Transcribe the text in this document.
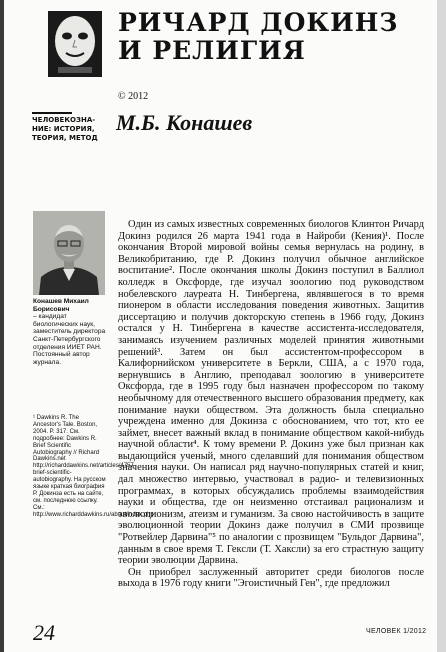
РИЧАРД ДОКИНЗ
И РЕЛИГИЯ
© 2012
М.Б. Конашев
ЧЕЛОВЕКОЗНА-НИЕ: ИСТОРИЯ, ТЕОРИЯ, МЕТОД
Конашев Михаил Борисович
– кандидат биологических наук, заместитель директора Санкт-Петербургского отделения ИИЕТ РАН. Постоянный автор журнала.

¹ Dawkins R. The Ancestor's Tale. Boston, 2004. P. 317. См. подробнее: Dawkins R. Brief Scientific Autobiography // Richard Dawkins.net http://richarddawkins.net/articles/4757-brief-scientific-autobiography. На русском языке краткая биография Р. Докинза есть на сайте, см. последнюю ссылку. См.: http://www.richarddawkins.ru/about/index.php

24

Один из самых известных современных биологов Клинтон Ричард Докинз родился 26 марта 1941 года в Найроби (Кения)¹. После окончания Второй мировой войны семья вернулась на родину, в Великобританию, где Р. Докинз получил обычное английское воспитание². После окончания школы Докинз поступил в Баллиол колледж в Оксфорде, где изучал зоологию под руководством нобелевского лауреата Н. Тинбергена, являвшегося в то время пионером в области исследования поведения животных. Защитив диссертацию и получив докторскую степень в 1966 году, Докинз остался у Н. Тинбергена в качестве ассистента-исследователя, занимаясь изучением различных моделей принятия животными решений³. Затем он был ассистентом-профессором в Калифорнийском университете в Беркли, США, а с 1970 года, вернувшись в Англию, преподавал зоологию в университете Оксфорда, где в 1995 году был назначен профессором по такому необычному для отечественного высшего образования предмету, как понимание науки обществом. Эта должность была специально учреждена именно для Докинза с обоснованием, что тот, кто ее займет, внесет важный вклад в понимание обществом какой-нибудь научной области⁴. К тому времени Р. Докинз уже был признан как выдающийся ученый, много сделавший для понимания обществом значения науки. Он написал ряд научно-популярных статей и книг, дал множество интервью, участвовал в радио- и телевизионных программах, в которых обсуждались проблемы взаимодействия науки и общества, где он неизменно отстаивал рационализм и эволюционизм, атеизм и гуманизм. За свою настойчивость в защите эволюционной теории Докинз даже получил в СМИ прозвище "Ротвейлер Дарвина"⁵ по аналогии с прозвищем "Бульдог Дарвина", данным в свое время Т. Гексли (Т. Хаксли) за его страстную защиту теории эволюции Дарвина.

Он приобрел заслуженный авторитет среди биологов после выхода в 1976 году книги "Эгоистичный Ген", где предложил

ЧЕЛОВЕК 1/2012
